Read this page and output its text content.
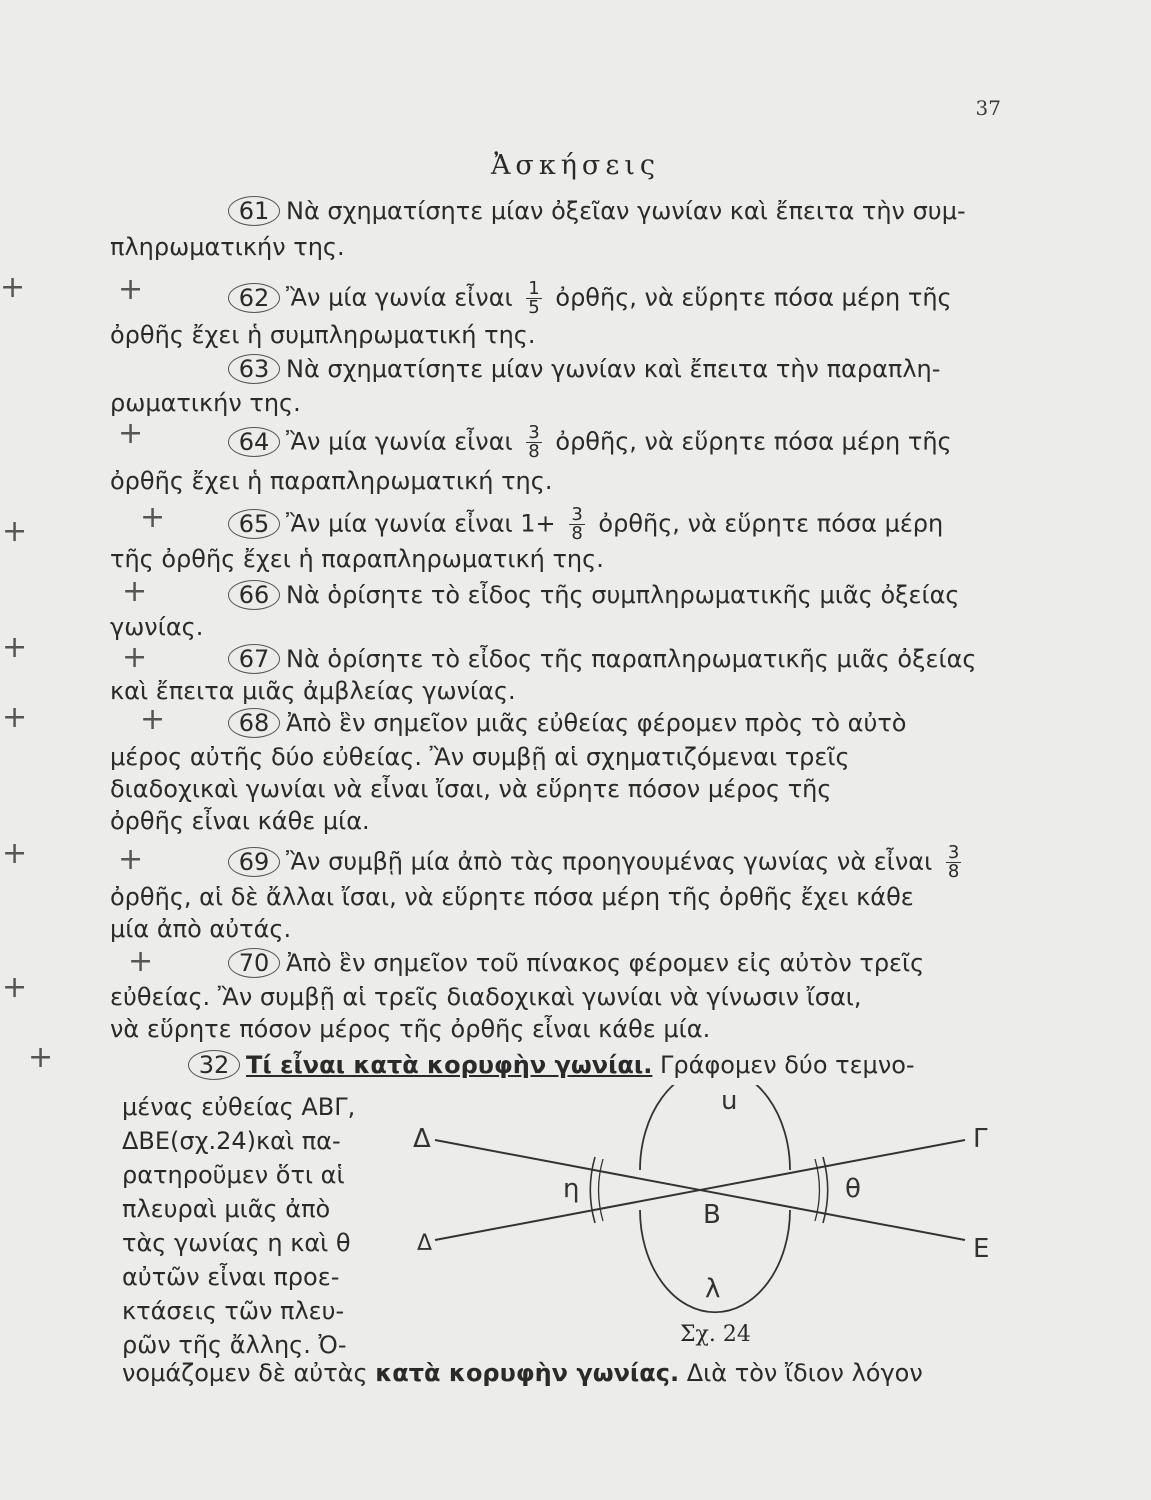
37
Ἀσκήσεις
61 Νὰ σχηματίσητε μίαν ὀξεῖαν γωνίαν καὶ ἔπειτα τὴν συμ-
πληρωματικήν της.
62 Ἂν μία γωνία εἶναι $\frac{1}{5}$ ὀρθῆς, νὰ εὕρητε πόσα μέρη τῆς
ὀρθῆς ἔχει ἡ συμπληρωματική της.
63 Νὰ σχηματίσητε μίαν γωνίαν καὶ ἔπειτα τὴν παραπλη-
ρωματικήν της.
64 Ἂν μία γωνία εἶναι $\frac{3}{8}$ ὀρθῆς, νὰ εὕρητε πόσα μέρη τῆς
ὀρθῆς ἔχει ἡ παραπληρωματική της.
65 Ἂν μία γωνία εἶναι $1+ \frac{3}{8}$ ὀρθῆς, νὰ εὕρητε πόσα μέρη
τῆς ὀρθῆς ἔχει ἡ παραπληρωματική της.
66 Νὰ ὁρίσητε τὸ εἶδος τῆς συμπληρωματικῆς μιᾶς ὀξείας
γωνίας.
67 Νὰ ὁρίσητε τὸ εἶδος τῆς παραπληρωματικῆς μιᾶς ὀξείας
καὶ ἔπειτα μιᾶς ἀμβλείας γωνίας.
68 Ἀπὸ ἓν σημεῖον μιᾶς εὐθείας φέρομεν πρὸς τὸ αὐτὸ
μέρος αὐτῆς δύο εὐθείας. Ἂν συμβῇ αἱ σχηματιζόμεναι τρεῖς
διαδοχικαὶ γωνίαι νὰ εἶναι ἴσαι, νὰ εὕρητε πόσον μέρος τῆς
ὀρθῆς εἶναι κάθε μία.
69 Ἂν συμβῇ μία ἀπὸ τὰς προηγουμένας γωνίας νὰ εἶναι $\frac{3}{8}$
ὀρθῆς, αἱ δὲ ἄλλαι ἴσαι, νὰ εὕρητε πόσα μέρη τῆς ὀρθῆς ἔχει κάθε
μία ἀπὸ αὐτάς.
70 Ἀπὸ ἓν σημεῖον τοῦ πίνακος φέρομεν εἰς αὐτὸν τρεῖς
εὐθείας. Ἂν συμβῇ αἱ τρεῖς διαδοχικαὶ γωνίαι νὰ γίνωσιν ἴσαι,
νὰ εὕρητε πόσον μέρος τῆς ὀρθῆς εἶναι κάθε μία.
32 Τί εἶναι κατὰ κορυφὴν γωνίαι. Γράφομεν δύο τεμνο-
μένας εὐθείας ΑΒΓ,
ΔΒΕ(σχ.24)καὶ πα-
ρατηροῦμεν ὅτι αἱ
πλευραὶ μιᾶς ἀπὸ
τὰς γωνίας η καὶ θ
αὐτῶν εἶναι προε-
κτάσεις τῶν πλευ-
ρῶν τῆς ἄλλης. Ὀ-
Δ	Γ
Δ	Ε
Β
η	θ
u
λ
Σχ. 24
νομάζομεν δὲ αὐτὰς κατὰ κορυφὴν γωνίας. Διὰ τὸν ἴδιον λόγον
+	+
+
+
+
+
+	+
+	+
+	+
+
+
+
